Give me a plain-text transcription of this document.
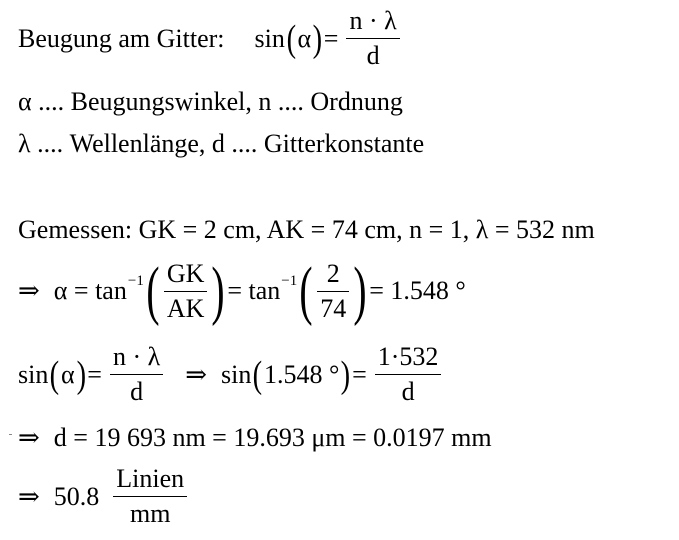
Beugung am Gitter: sin ( α ) = $\frac{n \cdot \lambda}{d}$
α .... Beugungswinkel, n .... Ordnung
λ .... Wellenlänge, d .... Gitterkonstante
Gemessen: GK = 2 cm, AK = 74 cm, n = 1, λ = 532 nm
⇒ α = tan −1 ( $\frac{GK}{AK}$ ) = tan −1 ( $\frac{2}{74}$ ) = 1.548 °
sin ( α ) = $\frac{n \cdot \lambda}{d}$ ⇒ sin ( 1.548 ° ) = $\frac{1\cdot 532}{d}$
⇒ d = 19 693 nm = 19.693 μm = 0.0197 mm
⇒ $50.8 \frac{\text{Linien}}{mm}$
